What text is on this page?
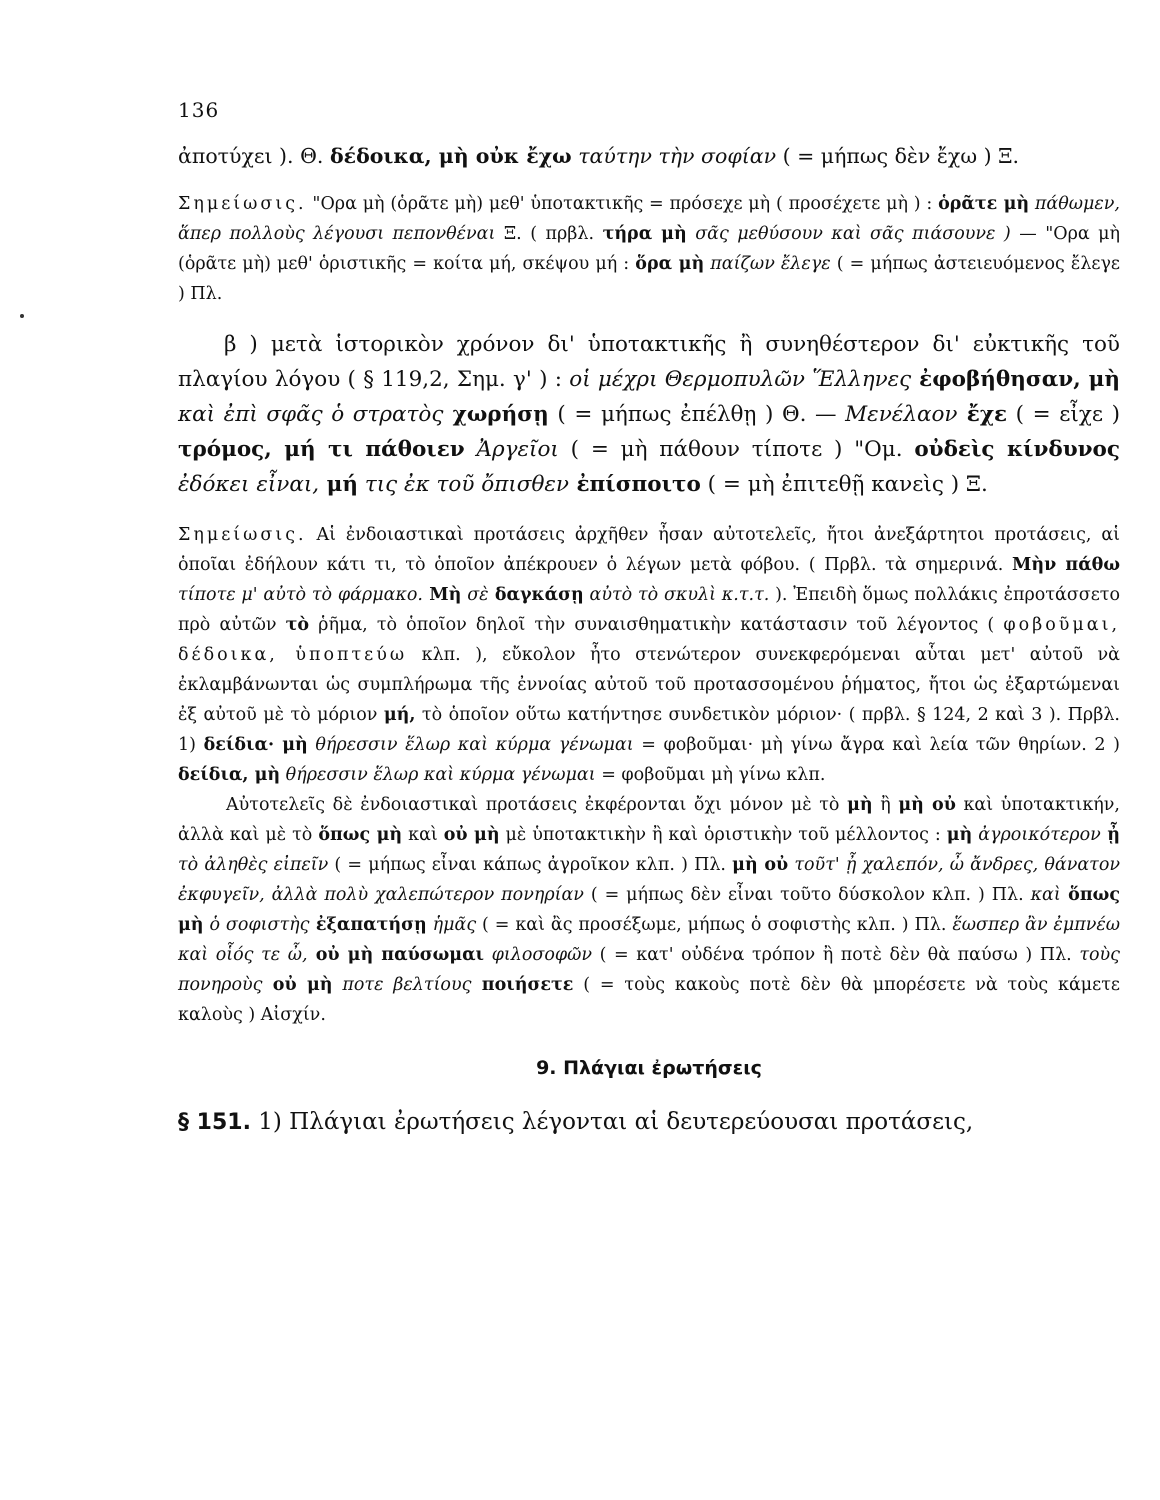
136

ἀποτύχει ). Θ. δέδοικα, μὴ οὐκ ἔχω ταύτην τὴν σοφίαν ( = μήπως δὲν ἔχω ) Ξ.

Σημείωσις. "Ορα μὴ (ὁρᾶτε μὴ) μεθ' ὑποτακτικῆς = πρόσεχε μὴ ( προσέχετε μὴ ) : ὁρᾶτε μὴ πάθωμεν, ἅπερ πολλοὺς λέγουσι πεπονθέναι Ξ. ( πρβλ. τήρα μὴ σᾶς μεθύσουν καὶ σᾶς πιάσουνε ) — "Ορα μὴ (ὁρᾶτε μὴ) μεθ' ὁριστικῆς = κοίτα μή, σκέψου μή : ὅρα μὴ παίζων ἔλεγε ( = μήπως ἀστειευόμενος ἔλεγε ) Πλ.

β ) μετὰ ἱστορικὸν χρόνον δι' ὑποτακτικῆς ἢ συνηθέστερον δι' εὐκτικῆς τοῦ πλαγίου λόγου ( § 119,2, Σημ. γ' ) : οἱ μέχρι Θερμοπυλῶν Ἕλληνες ἐφοβήθησαν, μὴ καὶ ἐπὶ σφᾶς ὁ στρατὸς χωρήσῃ ( = μήπως ἐπέλθῃ ) Θ. — Μενέλαον ἔχε ( = εἶχε ) τρόμος, μή τι πάθοιεν Ἀργεῖοι ( = μὴ πάθουν τίποτε ) "Ομ. οὐδεὶς κίνδυνος ἐδόκει εἶναι, μή τις ἐκ τοῦ ὄπισθεν ἐπίσποιτο ( = μὴ ἐπιτεθῇ κανεὶς ) Ξ.

Σημείωσις. Αἱ ἐνδοιαστικαὶ προτάσεις ἀρχῆθεν ἦσαν αὐτοτελεῖς, ἤτοι ἀνεξάρτητοι προτάσεις, αἱ ὁποῖαι ἐδήλουν κάτι τι, τὸ ὁποῖον ἀπέκρουεν ὁ λέγων μετὰ φόβου. ( Πρβλ. τὰ σημερινά. Μὴν πάθω τίποτε μ' αὐτὸ τὸ φάρμακο. Μὴ σὲ δαγκάσῃ αὐτὸ τὸ σκυλὶ κ.τ.τ. ). Ἐπειδὴ ὅμως πολλάκις ἐπροτάσσετο πρὸ αὐτῶν τὸ ῥῆμα, τὸ ὁποῖον δηλοῖ τὴν συναισθηματικὴν κατάστασιν τοῦ λέγοντος ( φοβοῦμαι, δέδοικα, ὑποπτεύω κλπ. ), εὔκολον ἦτο στενώτερον συνεκφερόμεναι αὗται μετ' αὐτοῦ νὰ ἐκλαμβάνωνται ὡς συμπλήρωμα τῆς ἐννοίας αὐτοῦ τοῦ προτασσομένου ῥήματος, ἤτοι ὡς ἐξαρτώμεναι ἐξ αὐτοῦ μὲ τὸ μόριον μή, τὸ ὁποῖον οὕτω κατήντησε συνδετικὸν μόριον· ( πρβλ. § 124, 2 καὶ 3 ). Πρβλ. 1) δείδια· μὴ θήρεσσιν ἕλωρ καὶ κύρμα γένωμαι = φοβοῦμαι· μὴ γίνω ἄγρα καὶ λεία τῶν θηρίων. 2 ) δείδια, μὴ θήρεσσιν ἕλωρ καὶ κύρμα γένωμαι = φοβοῦμαι μὴ γίνω κλπ.

Αὐτοτελεῖς δὲ ἐνδοιαστικαὶ προτάσεις ἐκφέρονται ὄχι μόνον μὲ τὸ μὴ ἢ μὴ οὐ καὶ ὑποτακτικήν, ἀλλὰ καὶ μὲ τὸ ὅπως μὴ καὶ οὐ μὴ μὲ ὑποτακτικὴν ἢ καὶ ὁριστικὴν τοῦ μέλλοντος : μὴ ἀγροικότερον ᾖ τὸ ἀληθὲς εἰπεῖν ( = μήπως εἶναι κάπως ἀγροῖκον κλπ. ) Πλ. μὴ οὐ τοῦτ' ᾖ χαλεπόν, ὦ ἄνδρες, θάνατον ἐκφυγεῖν, ἀλλὰ πολὺ χαλεπώτερον πονηρίαν ( = μήπως δὲν εἶναι τοῦτο δύσκολον κλπ. ) Πλ. καὶ ὅπως μὴ ὁ σοφιστὴς ἐξαπατήσῃ ἡμᾶς ( = καὶ ἂς προσέξωμε, μήπως ὁ σοφιστὴς κλπ. ) Πλ. ἕωσπερ ἂν ἐμπνέω καὶ οἷός τε ὦ, οὐ μὴ παύσωμαι φιλοσοφῶν ( = κατ' οὐδένα τρόπον ἢ ποτὲ δὲν θὰ παύσω ) Πλ. τοὺς πονηροὺς οὐ μὴ ποτε βελτίους ποιήσετε ( = τοὺς κακοὺς ποτὲ δὲν θὰ μπορέσετε νὰ τοὺς κάμετε καλοὺς ) Αἰσχίν.

9. Πλάγιαι ἐρωτήσεις

§ 151. 1) Πλάγιαι ἐρωτήσεις λέγονται αἱ δευτερεύουσαι προτάσεις,
